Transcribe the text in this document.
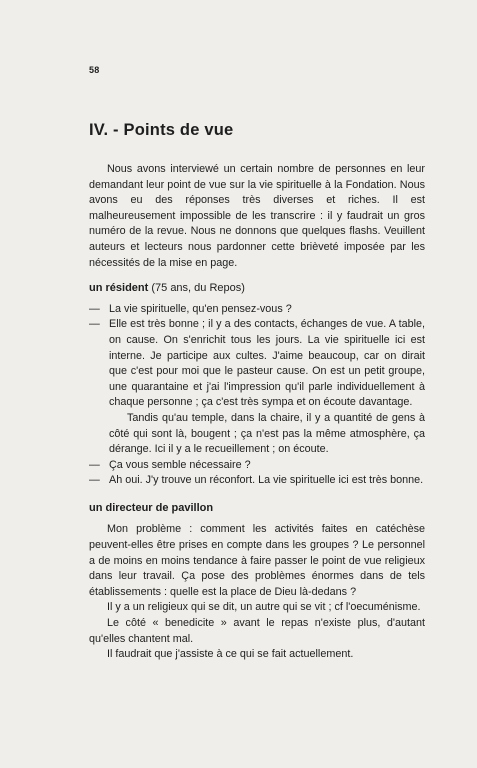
58
IV. - Points de vue

Nous avons interviewé un certain nombre de personnes en leur demandant leur point de vue sur la vie spirituelle à la Fondation. Nous avons eu des réponses très diverses et riches. Il est malheureusement impossible de les transcrire : il y faudrait un gros numéro de la revue. Nous ne donnons que quelques flashs. Veuillent auteurs et lecteurs nous pardonner cette brièveté imposée par les nécessités de la mise en page.

un résident (75 ans, du Repos)
— La vie spirituelle, qu'en pensez-vous ?
— Elle est très bonne ; il y a des contacts, échanges de vue. A table, on cause. On s'enrichit tous les jours. La vie spirituelle ici est interne. Je participe aux cultes. J'aime beaucoup, car on dirait que c'est pour moi que le pasteur cause. On est un petit groupe, une quarantaine et j'ai l'impression qu'il parle individuellement à chaque personne ; ça c'est très sympa et on écoute davantage.

Tandis qu'au temple, dans la chaire, il y a quantité de gens à côté qui sont là, bougent ; ça n'est pas la même atmosphère, ça dérange. Ici il y a le recueillement ; on écoute.

— Ça vous semble nécessaire ?
— Ah oui. J'y trouve un réconfort. La vie spirituelle ici est très bonne.
un directeur de pavillon

Mon problème : comment les activités faites en catéchèse peuvent-elles être prises en compte dans les groupes ? Le personnel a de moins en moins tendance à faire passer le point de vue religieux dans leur travail. Ça pose des problèmes énormes dans de tels établissements : quelle est la place de Dieu là-dedans ?

Il y a un religieux qui se dit, un autre qui se vit ; cf l'oecuménisme.

Le côté « benedicite » avant le repas n'existe plus, d'autant qu'elles chantent mal.

Il faudrait que j'assiste à ce qui se fait actuellement.
